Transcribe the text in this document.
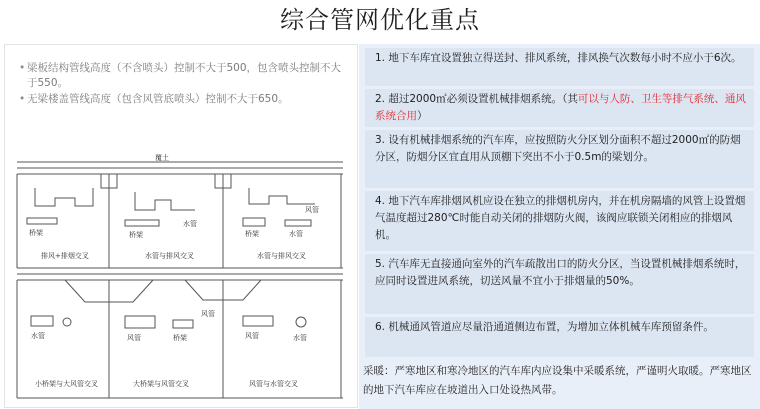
综合管网优化重点
• 梁板结构管线高度（不含喷头）控制不大于500，包含喷头控制不大于550。
• 无梁楼盖管线高度（包含风管底喷头）控制不大于650。
覆土
排风+排烟交叉	水管与排风交叉	水管与排风交叉
桥架	桥架
水管
桥架	水管
风管
小桥架与大风管交叉	大桥架与风管交叉	风管与水管交叉
水管	风管	桥架	风管
风管
水管
1. 地下车库宜设置独立得送封、排风系统，排风换气次数每小时不应小于6次。
2. 超过2000㎡必须设置机械排烟系统。（其可以与人防、卫生等排气系统、通风系统合用）
3. 设有机械排烟系统的汽车库，应按照防火分区划分面积不超过2000㎡的防烟分区，防烟分区宜直用从顶棚下突出不小于0.5m的梁划分。
4. 地下汽车库排烟风机应设在独立的排烟机房内，并在机房隔墙的风管上设置烟气温度超过280℃时能自动关闭的排烟防火阀，该阀应联锁关闭相应的排烟风机。
5. 汽车库无直接通向室外的汽车疏散出口的防火分区，当设置机械排烟系统时，应同时设置进风系统，切送风量不宜小于排烟量的50%。
6. 机械通风管道应尽量沿通道侧边布置，为增加立体机械车库预留条件。
采暖：严寒地区和寒冷地区的汽车库内应设集中采暖系统，严谨明火取暖。严寒地区的地下汽车库应在坡道出入口处设热风带。
